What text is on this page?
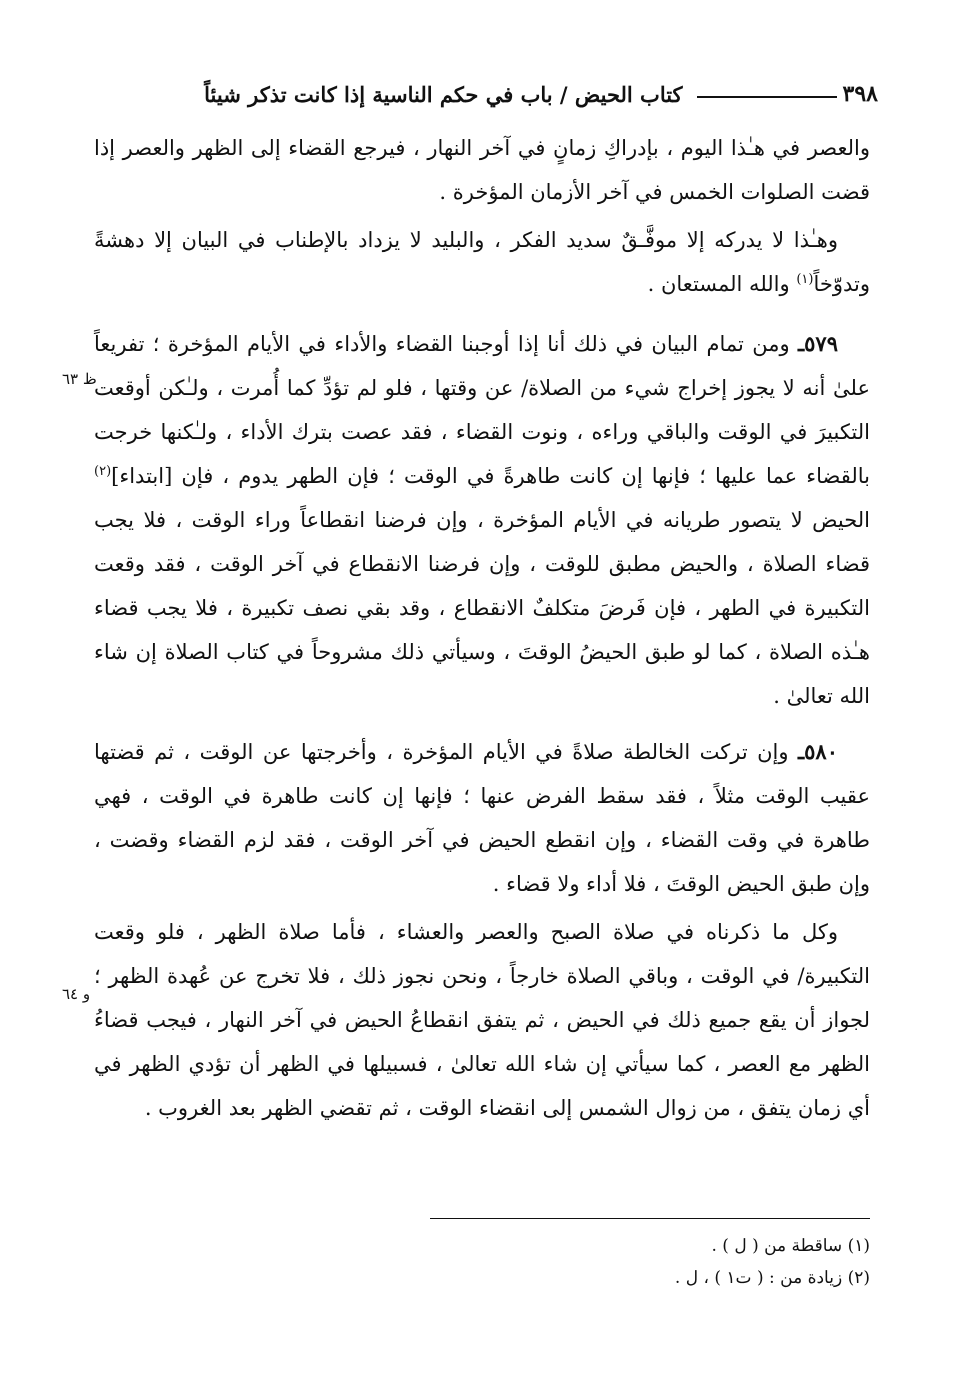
٣٩٨
كتاب الحيض / باب في حكم الناسية إذا كانت تذكر شيئاً
ظ ٦٣
و ٦٤

والعصر في هـٰذا اليوم ، بإدراكِ زمانٍ في آخر النهار ، فيرجع القضاء إلى الظهر والعصر إذا قضت الصلوات الخمس في آخر الأزمان المؤخرة .

وهـٰذا لا يدركه إلا موفَّـقٌ سديد الفكر ، والبليد لا يزداد بالإطناب في البيان إلا دهشةً وتدوّخاً$^{(١)}$ والله المستعان .

٥٧٩ـ ومن تمام البيان في ذلك أنا إذا أوجبنا القضاء والأداء في الأيام المؤخرة ؛ تفريعاً علىٰ أنه لا يجوز إخراج شيء من الصلاة/ عن وقتها ، فلو لم تؤدِّ كما أُمرت ، ولـٰكن أوقعت التكبيرَ في الوقت والباقي وراءه ، ونوت القضاء ، فقد عصت بترك الأداء ، ولـٰكنها خرجت بالقضاء عما عليها ؛ فإنها إن كانت طاهرةً في الوقت ؛ فإن الطهر يدوم ، فإن [ابتداء]$^{(٢)}$ الحيض لا يتصور طريانه في الأيام المؤخرة ، وإن فرضنا انقطاعاً وراء الوقت ، فلا يجب قضاء الصلاة ، والحيض مطبق للوقت ، وإن فرضنا الانقطاع في آخر الوقت ، فقد وقعت التكبيرة في الطهر ، فإن فَرضَ متكلفٌ الانقطاع ، وقد بقي نصف تكبيرة ، فلا يجب قضاء هـٰذه الصلاة ، كما لو طبق الحيضُ الوقتَ ، وسيأتي ذلك مشروحاً في كتاب الصلاة إن شاء الله تعالىٰ .

٥٨٠ـ وإن تركت الخالطة صلاةً في الأيام المؤخرة ، وأخرجتها عن الوقت ، ثم قضتها عقيب الوقت مثلاً ، فقد سقط الفرض عنها ؛ فإنها إن كانت طاهرة في الوقت ، فهي طاهرة في وقت القضاء ، وإن انقطع الحيض في آخر الوقت ، فقد لزم القضاء وقضت ، وإن طبق الحيض الوقتَ ، فلا أداء ولا قضاء .

وكل ما ذكرناه في صلاة الصبح والعصر والعشاء ، فأما صلاة الظهر ، فلو وقعت التكبيرة/ في الوقت ، وباقي الصلاة خارجاً ، ونحن نجوز ذلك ، فلا تخرج عن عُهدة الظهر ؛ لجواز أن يقع جميع ذلك في الحيض ، ثم يتفق انقطاعُ الحيض في آخر النهار ، فيجب قضاءُ الظهر مع العصر ، كما سيأتي إن شاء الله تعالىٰ ، فسبيلها في الظهر أن تؤدي الظهر في أي زمان يتفق ، من زوال الشمس إلى انقضاء الوقت ، ثم تقضي الظهر بعد الغروب .

(١) ساقطة من ( ل ) .
(٢) زيادة من : ( ت١ ) ، ل .
